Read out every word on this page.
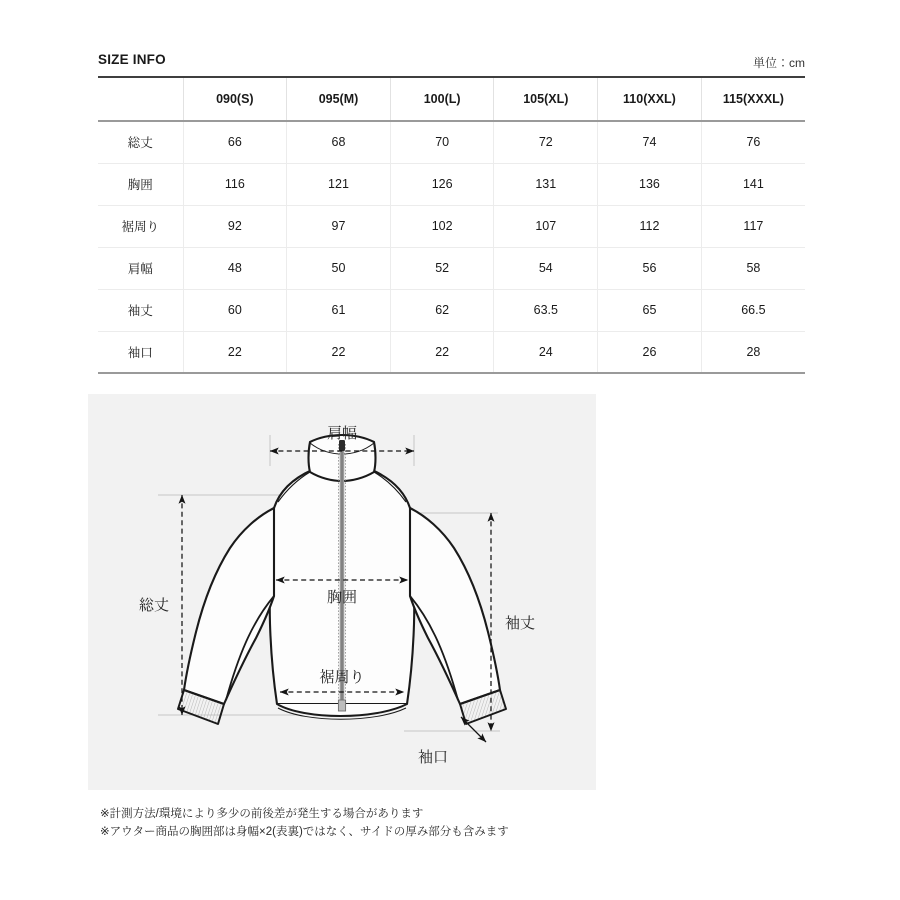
SIZE INFO	単位：cm
	090(S)	095(M)	100(L)	105(XL)	110(XXL)	115(XXXL)
総丈	66	68	70	72	74	76
胸囲	116	121	126	131	136	141
裾周り	92	97	102	107	112	117
肩幅	48	50	52	54	56	58
袖丈	60	61	62	63.5	65	66.5
袖口	22	22	22	24	26	28
肩幅
胸囲
裾周り
総丈
袖丈
袖口
※計測方法/環境により多少の前後差が発生する場合があります
※アウター商品の胸囲部は身幅×2(表裏)ではなく、サイドの厚み部分も含みます
